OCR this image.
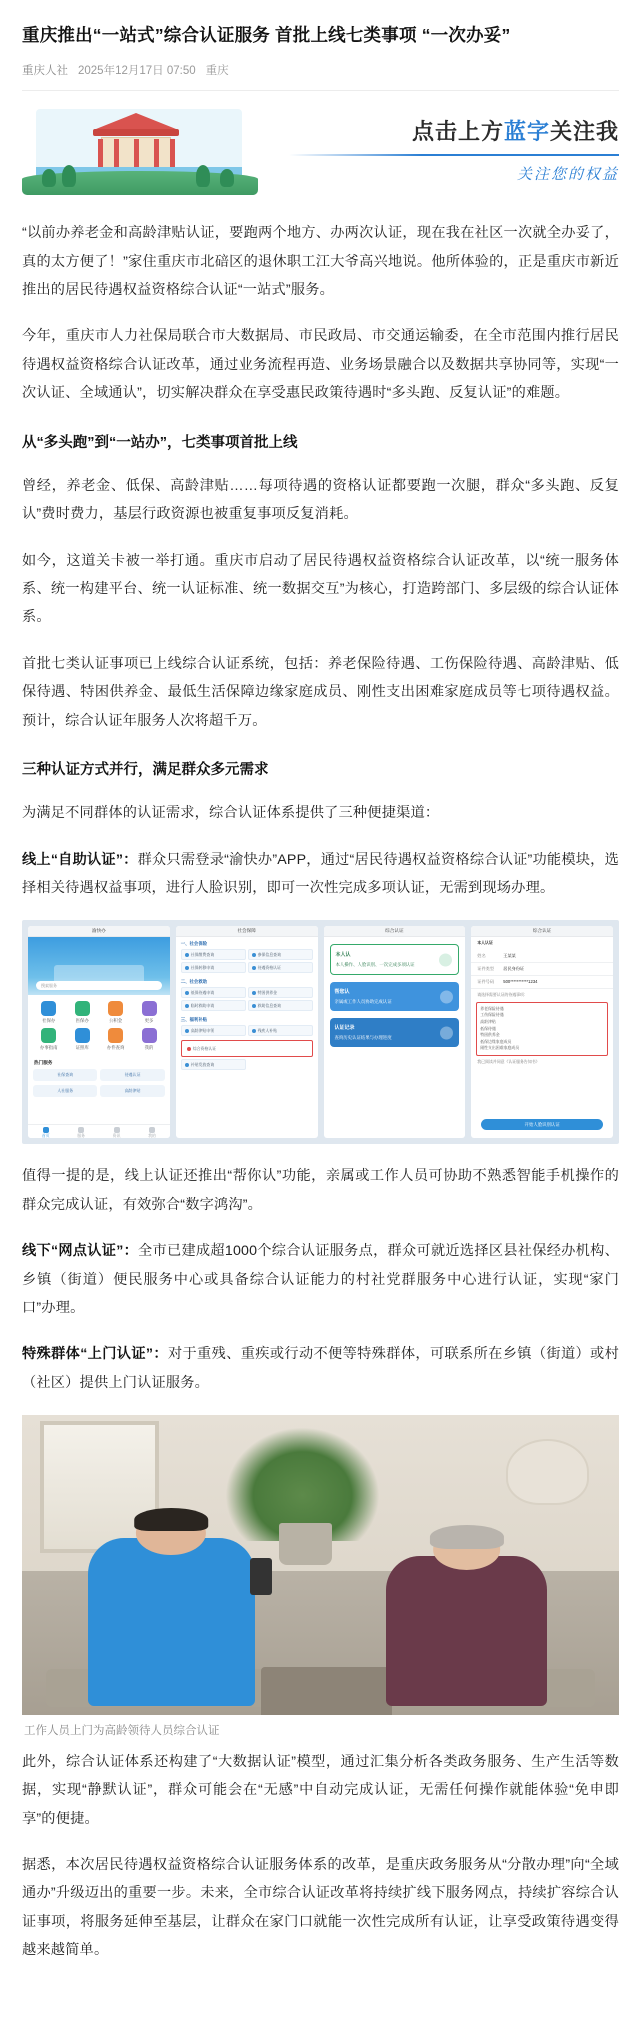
重庆推出“一站式”综合认证服务 首批上线七类事项 “一次办妥”
重庆人社 2025年12月17日 07:50 重庆
点击上方蓝字关注我
关注您的权益

“以前办养老金和高龄津贴认证，要跑两个地方、办两次认证，现在我在社区一次就全办妥了，真的太方便了！”家住重庆市北碚区的退休职工江大爷高兴地说。他所体验的，正是重庆市新近推出的居民待遇权益资格综合认证“一站式”服务。

今年，重庆市人力社保局联合市大数据局、市民政局、市交通运输委，在全市范围内推行居民待遇权益资格综合认证改革，通过业务流程再造、业务场景融合以及数据共享协同等，实现“一次认证、全域通认”，切实解决群众在享受惠民政策待遇时“多头跑、反复认证”的难题。

从“多头跑”到“一站办”，七类事项首批上线

曾经，养老金、低保、高龄津贴……每项待遇的资格认证都要跑一次腿，群众“多头跑、反复认”费时费力，基层行政资源也被重复事项反复消耗。

如今，这道关卡被一举打通。重庆市启动了居民待遇权益资格综合认证改革，以“统一服务体系、统一构建平台、统一认证标准、统一数据交互”为核心，打造跨部门、多层级的综合认证体系。

首批七类认证事项已上线综合认证系统，包括：养老保险待遇、工伤保险待遇、高龄津贴、低保待遇、特困供养金、最低生活保障边缘家庭成员、刚性支出困难家庭成员等七项待遇权益。预计，综合认证年服务人次将超千万。

三种认证方式并行，满足群众多元需求

为满足不同群体的认证需求，综合认证体系提供了三种便捷渠道：

线上“自助认证”：群众只需登录“渝快办”APP，通过“居民待遇权益资格综合认证”功能模块，选择相关待遇权益事项，进行人脸识别，即可一次性完成多项认证，无需到现场办理。

渝快办
搜索服务
社保办	医保办	公积金	更多
办事指南	证照库	办件查询	我的
热门服务
社保查询	待遇认证
人社服务	高龄津贴
首页	服务	资讯	我的
社会保障
一、社会保险
社保缴费查询	参保信息查询
社保转移申请	待遇资格认证
二、社会救助
低保待遇申请	特困供养金
临时救助申请	救助信息查询
三、福利补贴
高龄津贴申领	残疾人补贴
综合资格认证
补贴发放查询
综合认证
本人认
本人操作、人脸识别、一次完成多项认证
帮您认
亲属或工作人员协助完成认证
认证记录
查询历史认证结果与办理进度
综合认证
本人认证
姓名	王某某
证件类型	居民身份证
证件号码	500***********1234
请选择需要认证的待遇事项：
养老保险待遇
工伤保险待遇
高龄津贴
低保待遇
特困供养金
低保边缘家庭成员
刚性支出困难家庭成员
我已阅读并同意《认证服务告知书》
开始人脸识别认证

值得一提的是，线上认证还推出“帮你认”功能，亲属或工作人员可协助不熟悉智能手机操作的群众完成认证，有效弥合“数字鸿沟”。

线下“网点认证”：全市已建成超1000个综合认证服务点，群众可就近选择区县社保经办机构、乡镇（街道）便民服务中心或具备综合认证能力的村社党群服务中心进行认证，实现“家门口”办理。

特殊群体“上门认证”：对于重残、重疾或行动不便等特殊群体，可联系所在乡镇（街道）或村（社区）提供上门认证服务。

工作人员上门为高龄领待人员综合认证

此外，综合认证体系还构建了“大数据认证”模型，通过汇集分析各类政务服务、生产生活等数据，实现“静默认证”，群众可能会在“无感”中自动完成认证，无需任何操作就能体验“免申即享”的便捷。

据悉，本次居民待遇权益资格综合认证服务体系的改革，是重庆政务服务从“分散办理”向“全域通办”升级迈出的重要一步。未来，全市综合认证改革将持续扩线下服务网点，持续扩容综合认证事项，将服务延伸至基层，让群众在家门口就能一次性完成所有认证，让享受政策待遇变得越来越简单。
